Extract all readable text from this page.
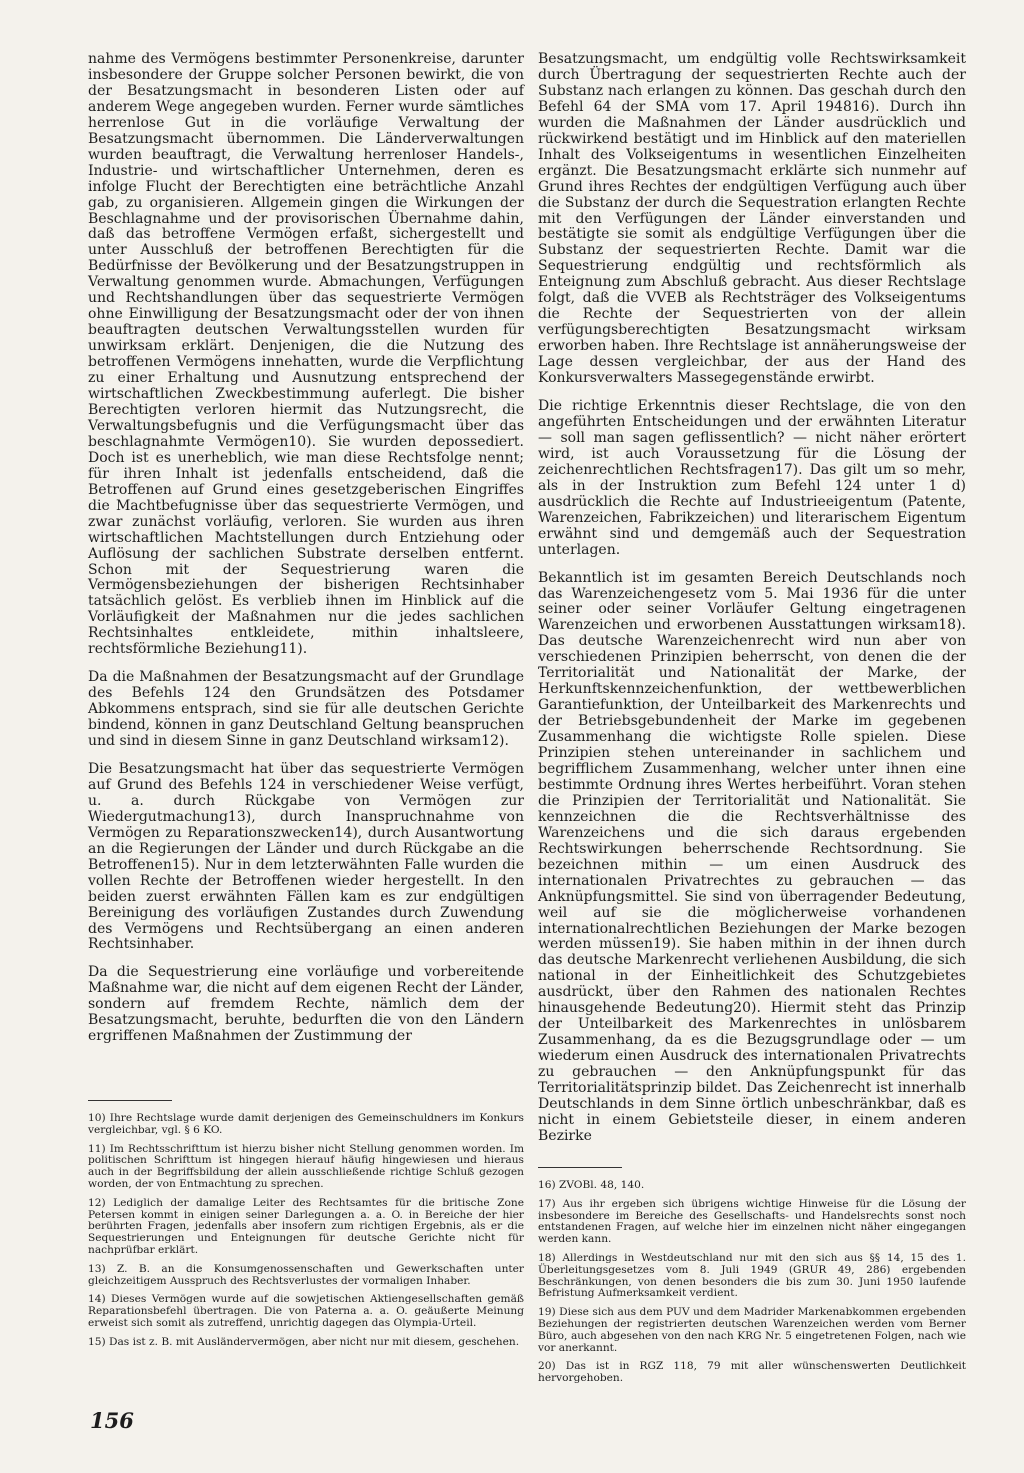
nahme des Vermögens bestimmter Personenkreise, darunter insbesondere der Gruppe solcher Personen bewirkt, die von der Besatzungsmacht in besonderen Listen oder auf anderem Wege angegeben wurden. Ferner wurde sämtliches herrenlose Gut in die vorläufige Verwaltung der Besatzungsmacht übernommen. Die Länderverwaltungen wurden beauftragt, die Verwaltung herrenloser Handels-, Industrie- und wirtschaftlicher Unternehmen, deren es infolge Flucht der Berechtigten eine beträchtliche Anzahl gab, zu organisieren. Allgemein gingen die Wirkungen der Beschlagnahme und der provisorischen Übernahme dahin, daß das betroffene Vermögen erfaßt, sichergestellt und unter Ausschluß der betroffenen Berechtigten für die Bedürfnisse der Bevölkerung und der Besatzungstruppen in Verwaltung genommen wurde. Abmachungen, Verfügungen und Rechtshandlungen über das sequestrierte Vermögen ohne Einwilligung der Besatzungsmacht oder der von ihnen beauftragten deutschen Verwaltungsstellen wurden für unwirksam erklärt. Denjenigen, die die Nutzung des betroffenen Vermögens innehatten, wurde die Verpflichtung zu einer Erhaltung und Ausnutzung entsprechend der wirtschaftlichen Zweckbestimmung auferlegt. Die bisher Berechtigten verloren hiermit das Nutzungsrecht, die Verwaltungsbefugnis und die Verfügungsmacht über das beschlagnahmte Vermögen10). Sie wurden depossediert. Doch ist es unerheblich, wie man diese Rechtsfolge nennt; für ihren Inhalt ist jedenfalls entscheidend, daß die Betroffenen auf Grund eines gesetzgeberischen Eingriffes die Machtbefugnisse über das sequestrierte Vermögen, und zwar zunächst vorläufig, verloren. Sie wurden aus ihren wirtschaftlichen Machtstellungen durch Entziehung oder Auflösung der sachlichen Substrate derselben entfernt. Schon mit der Sequestrierung waren die Vermögensbeziehungen der bisherigen Rechtsinhaber tatsächlich gelöst. Es verblieb ihnen im Hinblick auf die Vorläufigkeit der Maßnahmen nur die jedes sachlichen Rechtsinhaltes entkleidete, mithin inhaltsleere, rechtsförmliche Beziehung11).

Da die Maßnahmen der Besatzungsmacht auf der Grundlage des Befehls 124 den Grundsätzen des Potsdamer Abkommens entsprach, sind sie für alle deutschen Gerichte bindend, können in ganz Deutschland Geltung beanspruchen und sind in diesem Sinne in ganz Deutschland wirksam12).

Die Besatzungsmacht hat über das sequestrierte Vermögen auf Grund des Befehls 124 in verschiedener Weise verfügt, u. a. durch Rückgabe von Vermögen zur Wiedergutmachung13), durch Inanspruchnahme von Vermögen zu Reparationszwecken14), durch Ausantwortung an die Regierungen der Länder und durch Rückgabe an die Betroffenen15). Nur in dem letzterwähnten Falle wurden die vollen Rechte der Betroffenen wieder hergestellt. In den beiden zuerst erwähnten Fällen kam es zur endgültigen Bereinigung des vorläufigen Zustandes durch Zuwendung des Vermögens und Rechtsübergang an einen anderen Rechtsinhaber.

Da die Sequestrierung eine vorläufige und vorbereitende Maßnahme war, die nicht auf dem eigenen Recht der Länder, sondern auf fremdem Rechte, nämlich dem der Besatzungsmacht, beruhte, bedurften die von den Ländern ergriffenen Maßnahmen der Zustimmung der

10) Ihre Rechtslage wurde damit derjenigen des Gemeinschuldners im Konkurs vergleichbar, vgl. § 6 KO.

11) Im Rechtsschrifttum ist hierzu bisher nicht Stellung genommen worden. Im politischen Schrifttum ist hingegen hierauf häufig hingewiesen und hieraus auch in der Begriffsbildung der allein ausschließende richtige Schluß gezogen worden, der von Entmachtung zu sprechen.

12) Lediglich der damalige Leiter des Rechtsamtes für die britische Zone Petersen kommt in einigen seiner Darlegungen a. a. O. in Bereiche der hier berührten Fragen, jedenfalls aber insofern zum richtigen Ergebnis, als er die Sequestrierungen und Enteignungen für deutsche Gerichte nicht für nachprüfbar erklärt.

13) Z. B. an die Konsumgenossenschaften und Gewerkschaften unter gleichzeitigem Ausspruch des Rechtsverlustes der vormaligen Inhaber.

14) Dieses Vermögen wurde auf die sowjetischen Aktiengesellschaften gemäß Reparationsbefehl übertragen. Die von Paterna a. a. O. geäußerte Meinung erweist sich somit als zutreffend, unrichtig dagegen das Olympia-Urteil.

15) Das ist z. B. mit Ausländervermögen, aber nicht nur mit diesem, geschehen.

Besatzungsmacht, um endgültig volle Rechtswirksamkeit durch Übertragung der sequestrierten Rechte auch der Substanz nach erlangen zu können. Das geschah durch den Befehl 64 der SMA vom 17. April 194816). Durch ihn wurden die Maßnahmen der Länder ausdrücklich und rückwirkend bestätigt und im Hinblick auf den materiellen Inhalt des Volkseigentums in wesentlichen Einzelheiten ergänzt. Die Besatzungsmacht erklärte sich nunmehr auf Grund ihres Rechtes der endgültigen Verfügung auch über die Substanz der durch die Sequestration erlangten Rechte mit den Verfügungen der Länder einverstanden und bestätigte sie somit als endgültige Verfügungen über die Substanz der sequestrierten Rechte. Damit war die Sequestrierung endgültig und rechtsförmlich als Enteignung zum Abschluß gebracht. Aus dieser Rechtslage folgt, daß die VVEB als Rechtsträger des Volkseigentums die Rechte der Sequestrierten von der allein verfügungsberechtigten Besatzungsmacht wirksam erworben haben. Ihre Rechtslage ist annäherungsweise der Lage dessen vergleichbar, der aus der Hand des Konkursverwalters Massegegenstände erwirbt.

Die richtige Erkenntnis dieser Rechtslage, die von den angeführten Entscheidungen und der erwähnten Literatur — soll man sagen geflissentlich? — nicht näher erörtert wird, ist auch Voraussetzung für die Lösung der zeichenrechtlichen Rechtsfragen17). Das gilt um so mehr, als in der Instruktion zum Befehl 124 unter 1 d) ausdrücklich die Rechte auf Industrieeigentum (Patente, Warenzeichen, Fabrikzeichen) und literarischem Eigentum erwähnt sind und demgemäß auch der Sequestration unterlagen.

Bekanntlich ist im gesamten Bereich Deutschlands noch das Warenzeichengesetz vom 5. Mai 1936 für die unter seiner oder seiner Vorläufer Geltung eingetragenen Warenzeichen und erworbenen Ausstattungen wirksam18). Das deutsche Warenzeichenrecht wird nun aber von verschiedenen Prinzipien beherrscht, von denen die der Territorialität und Nationalität der Marke, der Herkunftskennzeichenfunktion, der wettbewerblichen Garantiefunktion, der Unteilbarkeit des Markenrechts und der Betriebsgebundenheit der Marke im gegebenen Zusammenhang die wichtigste Rolle spielen. Diese Prinzipien stehen untereinander in sachlichem und begrifflichem Zusammenhang, welcher unter ihnen eine bestimmte Ordnung ihres Wertes herbeiführt. Voran stehen die Prinzipien der Territorialität und Nationalität. Sie kennzeichnen die die Rechtsverhältnisse des Warenzeichens und die sich daraus ergebenden Rechtswirkungen beherrschende Rechtsordnung. Sie bezeichnen mithin — um einen Ausdruck des internationalen Privatrechtes zu gebrauchen — das Anknüpfungsmittel. Sie sind von überragender Bedeutung, weil auf sie die möglicherweise vorhandenen internationalrechtlichen Beziehungen der Marke bezogen werden müssen19). Sie haben mithin in der ihnen durch das deutsche Markenrecht verliehenen Ausbildung, die sich national in der Einheitlichkeit des Schutzgebietes ausdrückt, über den Rahmen des nationalen Rechtes hinausgehende Bedeutung20). Hiermit steht das Prinzip der Unteilbarkeit des Markenrechtes in unlösbarem Zusammenhang, da es die Bezugsgrundlage oder — um wiederum einen Ausdruck des internationalen Privatrechts zu gebrauchen — den Anknüpfungspunkt für das Territorialitätsprinzip bildet. Das Zeichenrecht ist innerhalb Deutschlands in dem Sinne örtlich unbeschränkbar, daß es nicht in einem Gebietsteile dieser, in einem anderen Bezirke

16) ZVOBl. 48, 140.

17) Aus ihr ergeben sich übrigens wichtige Hinweise für die Lösung der insbesondere im Bereiche des Gesellschafts- und Handelsrechts sonst noch entstandenen Fragen, auf welche hier im einzelnen nicht näher eingegangen werden kann.

18) Allerdings in Westdeutschland nur mit den sich aus §§ 14, 15 des 1. Überleitungsgesetzes vom 8. Juli 1949 (GRUR 49, 286) ergebenden Beschränkungen, von denen besonders die bis zum 30. Juni 1950 laufende Befristung Aufmerksamkeit verdient.

19) Diese sich aus dem PUV und dem Madrider Markenabkommen ergebenden Beziehungen der registrierten deutschen Warenzeichen werden vom Berner Büro, auch abgesehen von den nach KRG Nr. 5 eingetretenen Folgen, nach wie vor anerkannt.

20) Das ist in RGZ 118, 79 mit aller wünschenswerten Deutlichkeit hervorgehoben.

156
